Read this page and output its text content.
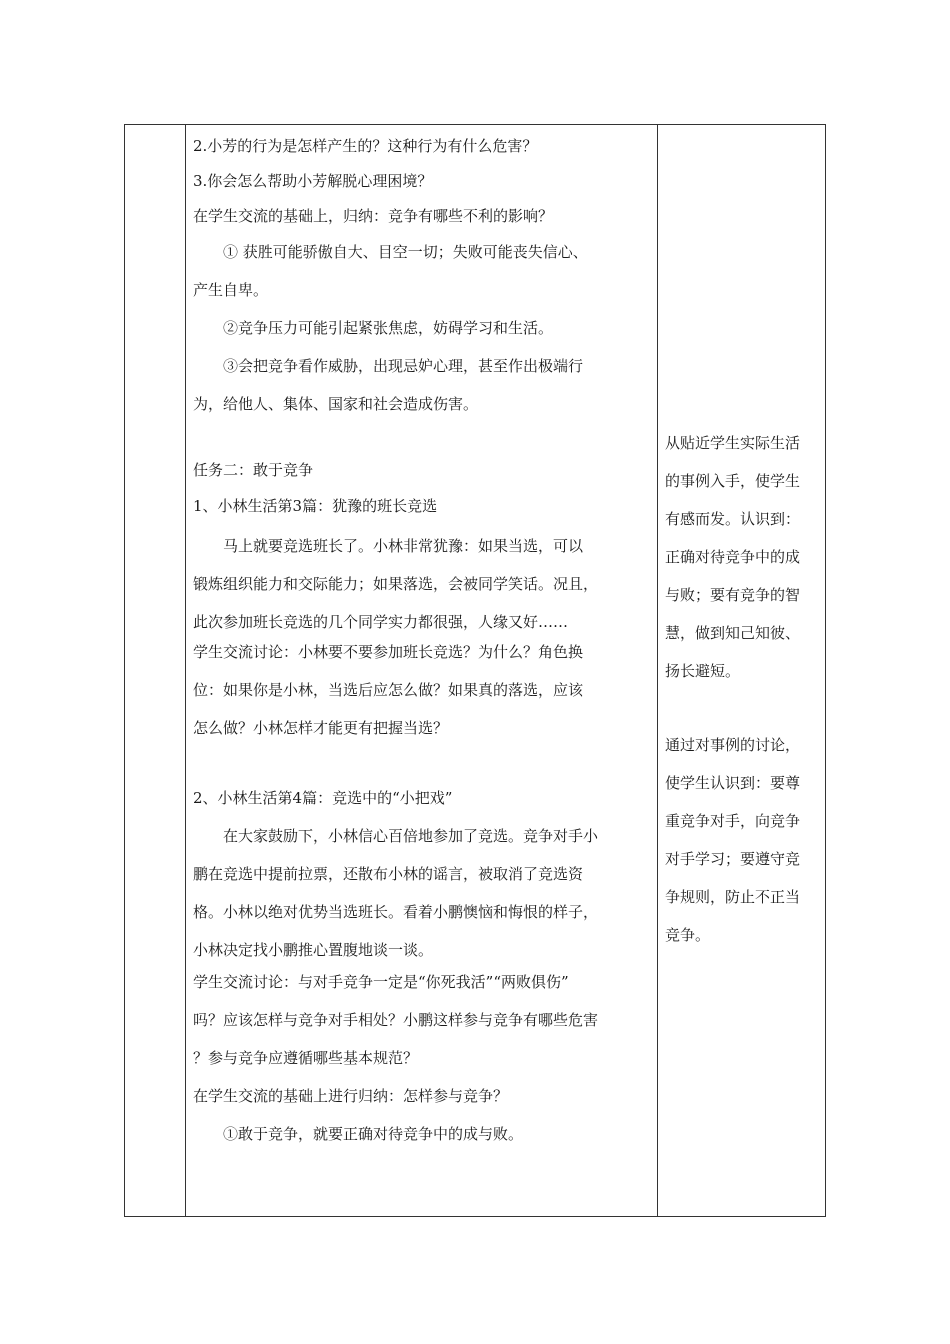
2.小芳的行为是怎样产生的？这种行为有什么危害？
3.你会怎么帮助小芳解脱心理困境？
在学生交流的基础上，归纳：竞争有哪些不利的影响？
① 获胜可能骄傲自大、目空一切；失败可能丧失信心、
产生自卑。
②竞争压力可能引起紧张焦虑，妨碍学习和生活。
③会把竞争看作威胁，出现忌妒心理，甚至作出极端行
为，给他人、集体、国家和社会造成伤害。
任务二：敢于竞争
1、小林生活第3篇：犹豫的班长竞选
马上就要竞选班长了。小林非常犹豫：如果当选，可以
锻炼组织能力和交际能力；如果落选，会被同学笑话。况且，
此次参加班长竞选的几个同学实力都很强，人缘又好……
学生交流讨论：小林要不要参加班长竞选？为什么？角色换
位：如果你是小林，当选后应怎么做？如果真的落选，应该
怎么做？小林怎样才能更有把握当选？
2、小林生活第4篇：竞选中的“小把戏”
在大家鼓励下，小林信心百倍地参加了竞选。竞争对手小
鹏在竞选中提前拉票，还散布小林的谣言，被取消了竞选资
格。小林以绝对优势当选班长。看着小鹏懊恼和悔恨的样子，
小林决定找小鹏推心置腹地谈一谈。
学生交流讨论：与对手竞争一定是“你死我活”“两败俱伤”
吗？应该怎样与竞争对手相处？小鹏这样参与竞争有哪些危害
？参与竞争应遵循哪些基本规范？
在学生交流的基础上进行归纳：怎样参与竞争？
①敢于竞争，就要正确对待竞争中的成与败。
从贴近学生实际生活
的事例入手，使学生
有感而发。认识到：
正确对待竞争中的成
与败；要有竞争的智
慧，做到知己知彼、
扬长避短。
通过对事例的讨论，
使学生认识到：要尊
重竞争对手，向竞争
对手学习；要遵守竞
争规则，防止不正当
竞争。
